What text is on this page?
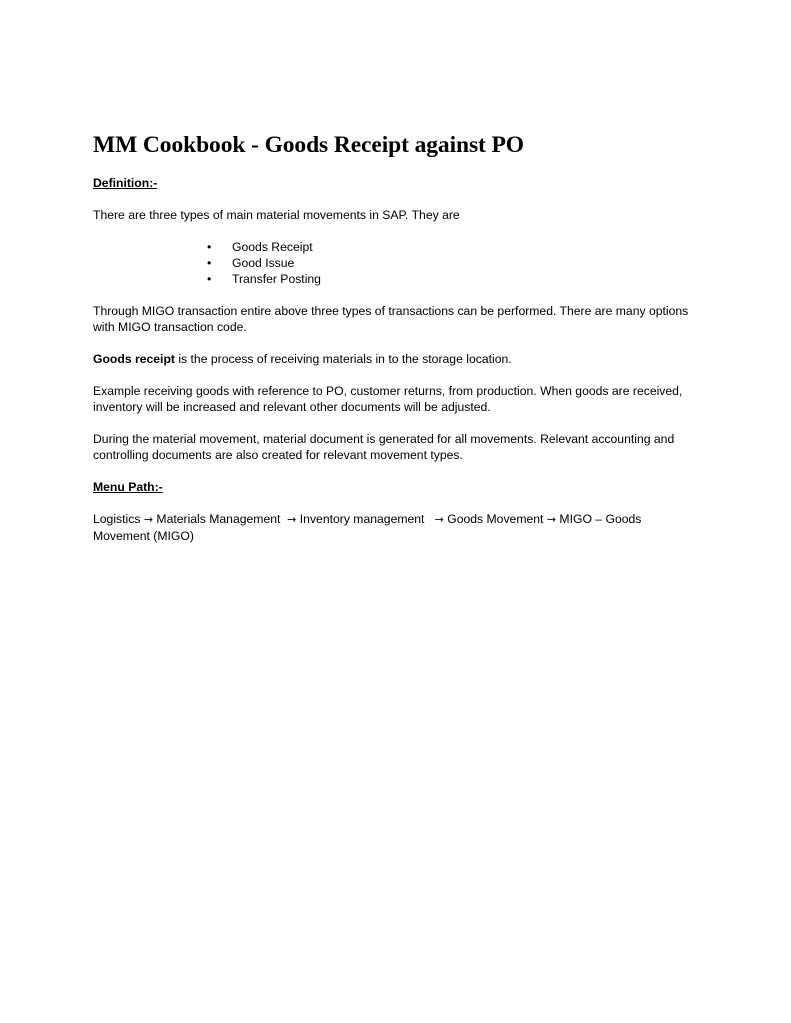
MM Cookbook - Goods Receipt against PO

Definition:-

There are three types of main material movements in SAP. They are

•
Goods Receipt
•
Good Issue
•
Transfer Posting

Through MIGO transaction entire above three types of transactions can be performed. There are many options with MIGO transaction code.

Goods receipt is the process of receiving materials in to the storage location.

Example receiving goods with reference to PO, customer returns, from production. When goods are received, inventory will be increased and relevant other documents will be adjusted.

During the material movement, material document is generated for all movements. Relevant accounting and controlling documents are also created for relevant movement types.

Menu Path:-

Logistics → Materials Management → Inventory management → Goods Movement → MIGO – Goods Movement (MIGO)
